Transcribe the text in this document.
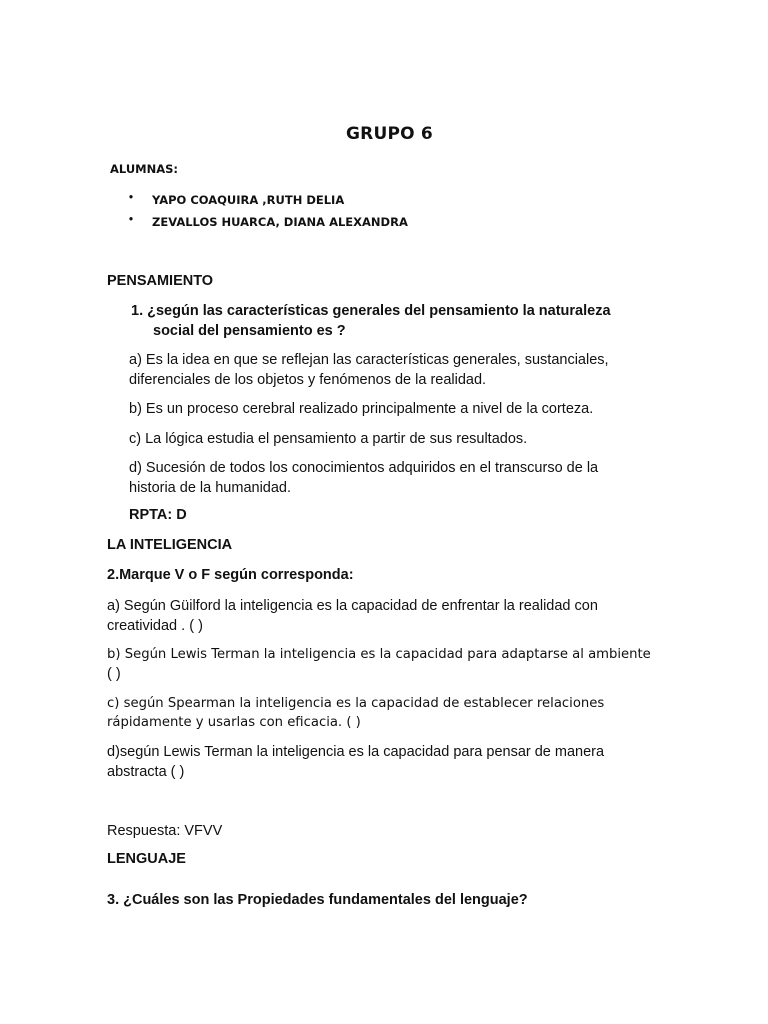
GRUPO 6
ALUMNAS:
• YAPO COAQUIRA ,RUTH DELIA
• ZEVALLOS HUARCA, DIANA ALEXANDRA
PENSAMIENTO
1. ¿según las características generales del pensamiento la naturaleza
social del pensamiento es ?
a) Es la idea en que se reflejan las características generales, sustanciales,
diferenciales de los objetos y fenómenos de la realidad.
b) Es un proceso cerebral realizado principalmente a nivel de la corteza.
c) La lógica estudia el pensamiento a partir de sus resultados.
d) Sucesión de todos los conocimientos adquiridos en el transcurso de la
historia de la humanidad.
RPTA: D
LA INTELIGENCIA
2.Marque V o F según corresponda:
a) Según Güilford la inteligencia es la capacidad de enfrentar la realidad con
creatividad . ( )
b) Según Lewis Terman la inteligencia es la capacidad para adaptarse al ambiente
( )
c) según Spearman la inteligencia es la capacidad de establecer relaciones
rápidamente y usarlas con eficacia. ( )
d)según Lewis Terman la inteligencia es la capacidad para pensar de manera
abstracta ( )
Respuesta: VFVV
LENGUAJE
3. ¿Cuáles son las Propiedades fundamentales del lenguaje?
